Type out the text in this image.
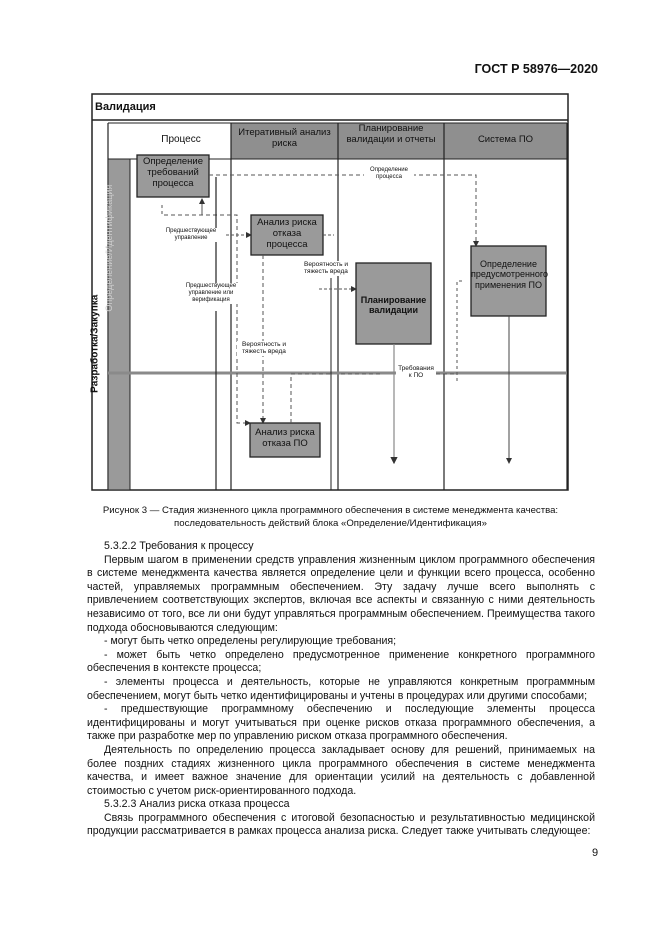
ГОСТ Р 58976—2020
Валидация
Разработка/Закупка
Определение/Идентификация
Процесс
Итеративный анализ риска
Планирование валидации и отчеты	Система ПО
Определение требований процесса
Анализ риска отказа процесса
Планирование валидации
Определение предусмотренного применения ПО
Анализ риска отказа ПО
Определение процесса
Предшествующее управление
Предшествующее управление или верификация
Вероятность и тяжесть вреда
Вероятность и тяжесть вреда
Требования к ПО
Рисунок 3 — Стадия жизненного цикла программного обеспечения в системе менеджмента качества:
последовательность действий блока «Определение/Идентификация»

5.3.2.2 Требования к процессу

Первым шагом в применении средств управления жизненным циклом программного обеспечения в системе менеджмента качества является определение цели и функции всего процесса, особенно частей, управляемых программным обеспечением. Эту задачу лучше всего выполнять с привлечением соответствующих экспертов, включая все аспекты и связанную с ними деятельность независимо от того, все ли они будут управляться программным обеспечением. Преимущества такого подхода обосновываются следующим:

- могут быть четко определены регулирующие требования;

- может быть четко определено предусмотренное применение конкретного программного обеспечения в контексте процесса;

- элементы процесса и деятельность, которые не управляются конкретным программным обеспечением, могут быть четко идентифицированы и учтены в процедурах или другими способами;

- предшествующие программному обеспечению и последующие элементы процесса идентифицированы и могут учитываться при оценке рисков отказа программного обеспечения, а также при разработке мер по управлению риском отказа программного обеспечения.

Деятельность по определению процесса закладывает основу для решений, принимаемых на более поздних стадиях жизненного цикла программного обеспечения в системе менеджмента качества, и имеет важное значение для ориентации усилий на деятельность с добавленной стоимостью с учетом риск-ориентированного подхода.

5.3.2.3 Анализ риска отказа процесса

Связь программного обеспечения с итоговой безопасностью и результативностью медицинской продукции рассматривается в рамках процесса анализа риска. Следует также учитывать следующее:

9
